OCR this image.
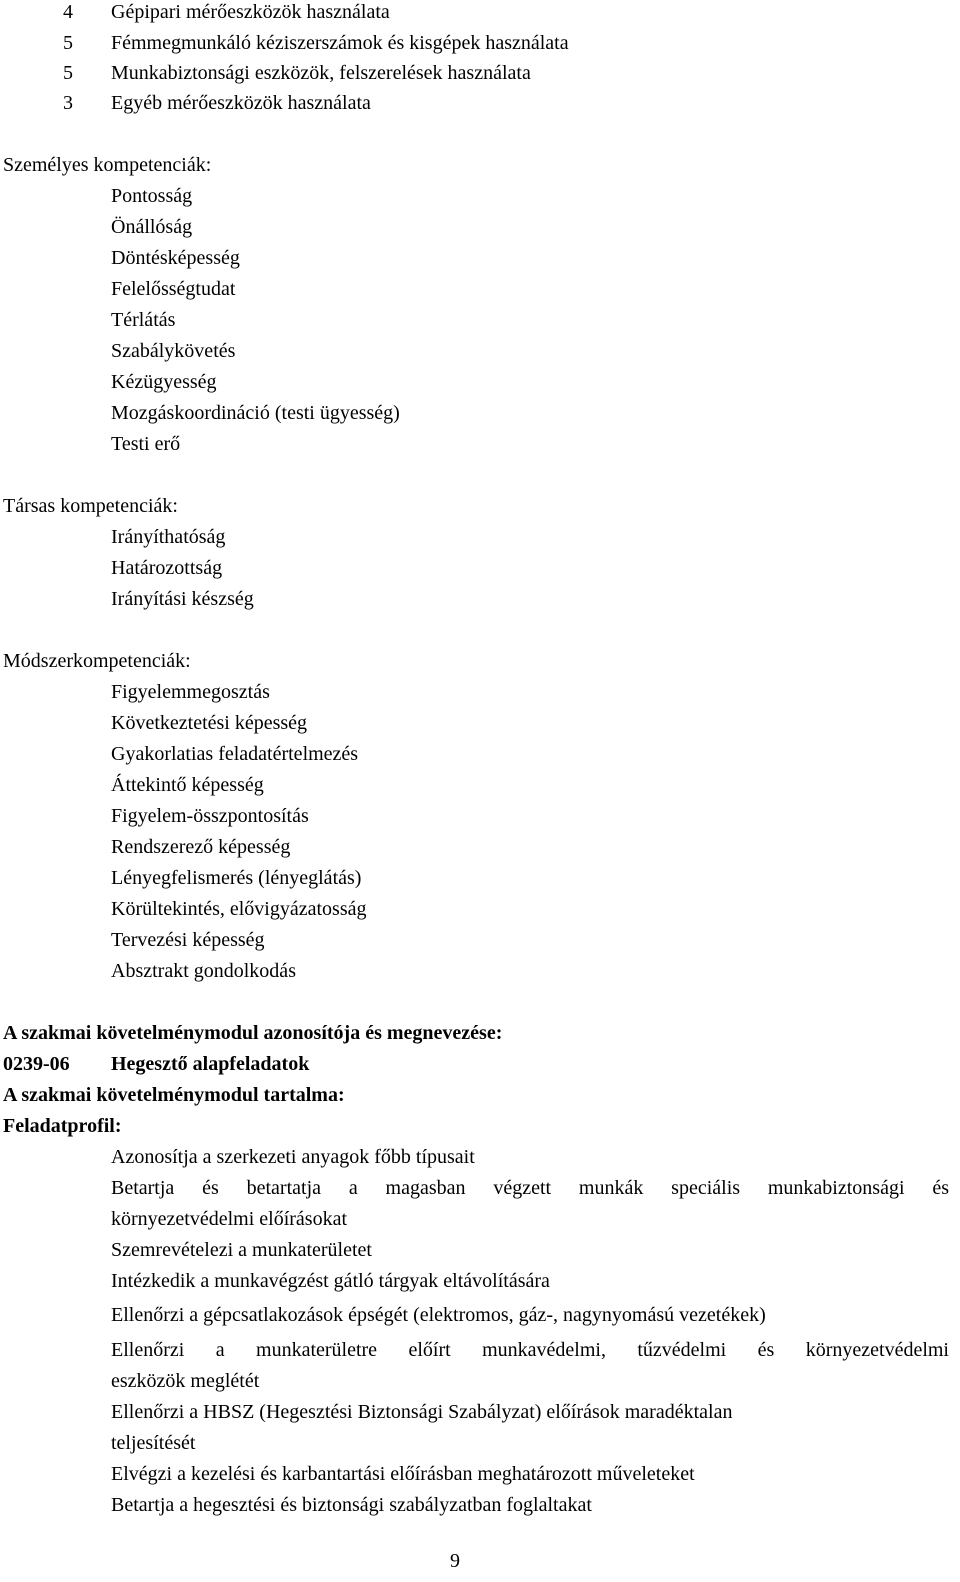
4 Gépipari mérőeszközök használata
5 Fémmegmunkáló kéziszerszámok és kisgépek használata
5 Munkabiztonsági eszközök, felszerelések használata
3 Egyéb mérőeszközök használata
Személyes kompetenciák:
Pontosság
Önállóság
Döntésképesség
Felelősségtudat
Térlátás
Szabálykövetés
Kézügyesség
Mozgáskoordináció (testi ügyesség)
Testi erő
Társas kompetenciák:
Irányíthatóság
Határozottság
Irányítási készség
Módszerkompetenciák:
Figyelemmegosztás
Következtetési képesség
Gyakorlatias feladatértelmezés
Áttekintő képesség
Figyelem-összpontosítás
Rendszerező képesség
Lényegfelismerés (lényeglátás)
Körültekintés, elővigyázatosság
Tervezési képesség
Absztrakt gondolkodás
A szakmai követelménymodul azonosítója és megnevezése:
0239-06 Hegesztő alapfeladatok
A szakmai követelménymodul tartalma:
Feladatprofil:
Azonosítja a szerkezeti anyagok főbb típusait
Betartja és betartatja a magasban végzett munkák speciális munkabiztonsági és
környezetvédelmi előírásokat
Szemrevételezi a munkaterületet
Intézkedik a munkavégzést gátló tárgyak eltávolítására
Ellenőrzi a gépcsatlakozások épségét (elektromos, gáz-, nagynyomású vezetékek)
Ellenőrzi a munkaterületre előírt munkavédelmi, tűzvédelmi és környezetvédelmi
eszközök meglétét
Ellenőrzi a HBSZ (Hegesztési Biztonsági Szabályzat) előírások maradéktalan
teljesítését
Elvégzi a kezelési és karbantartási előírásban meghatározott műveleteket
Betartja a hegesztési és biztonsági szabályzatban foglaltakat
9
